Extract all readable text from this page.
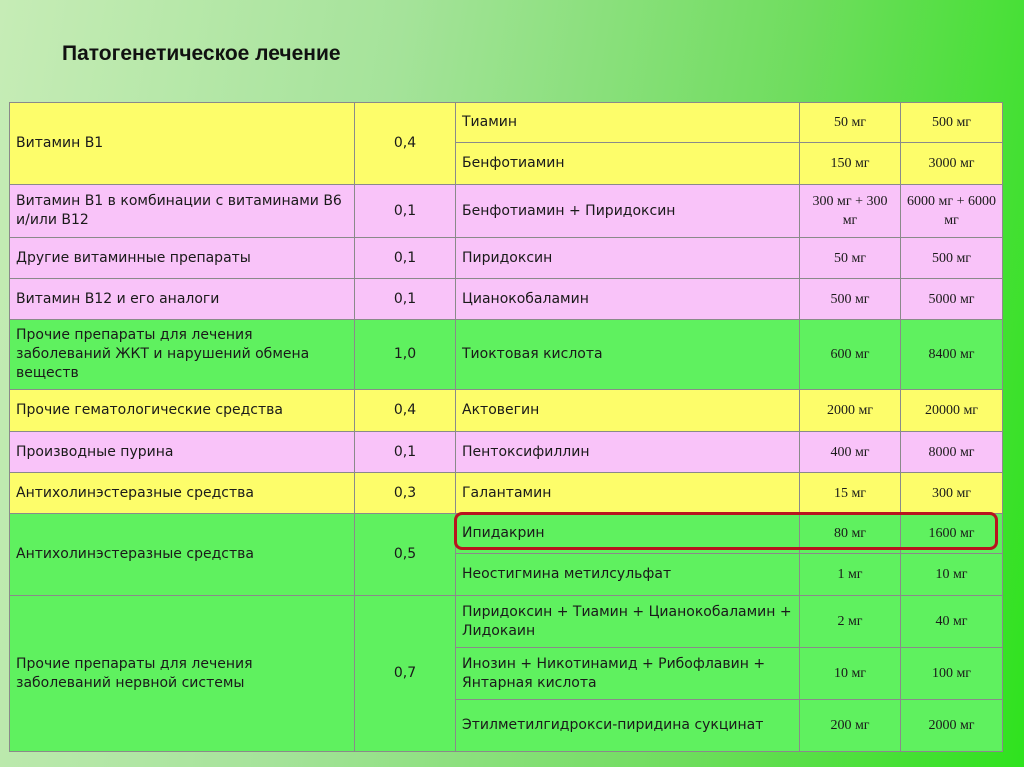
Патогенетическое лечение
Витамин В1	0,4	Тиамин	50 мг	500 мг
		Бенфотиамин	150 мг	3000 мг
Витамин В1 в комбинации с витаминами В6 и/или В12	0,1	Бенфотиамин + Пиридоксин	300 мг + 300 мг	6000 мг + 6000 мг
Другие витаминные препараты	0,1	Пиридоксин	50 мг	500 мг
Витамин В12 и его аналоги	0,1	Цианокобаламин	500 мг	5000 мг
Прочие препараты для лечения заболеваний ЖКТ и нарушений обмена веществ	1,0	Тиоктовая кислота	600 мг	8400 мг
Прочие гематологические средства	0,4	Актовегин	2000 мг	20000 мг
Производные пурина	0,1	Пентоксифиллин	400 мг	8000 мг
Антихолинэстеразные средства	0,3	Галантамин	15 мг	300 мг
Антихолинэстеразные средства	0,5	Ипидакрин	80 мг	1600 мг
		Неостигмина метилсульфат	1 мг	10 мг
Прочие препараты для лечения заболеваний нервной системы	0,7	Пиридоксин + Тиамин + Цианокобаламин + Лидокаин	2 мг	40 мг
		Инозин + Никотинамид + Рибофлавин + Янтарная кислота	10 мг	100 мг
		Этилметилгидрокси-пиридина сукцинат	200 мг	2000 мг
